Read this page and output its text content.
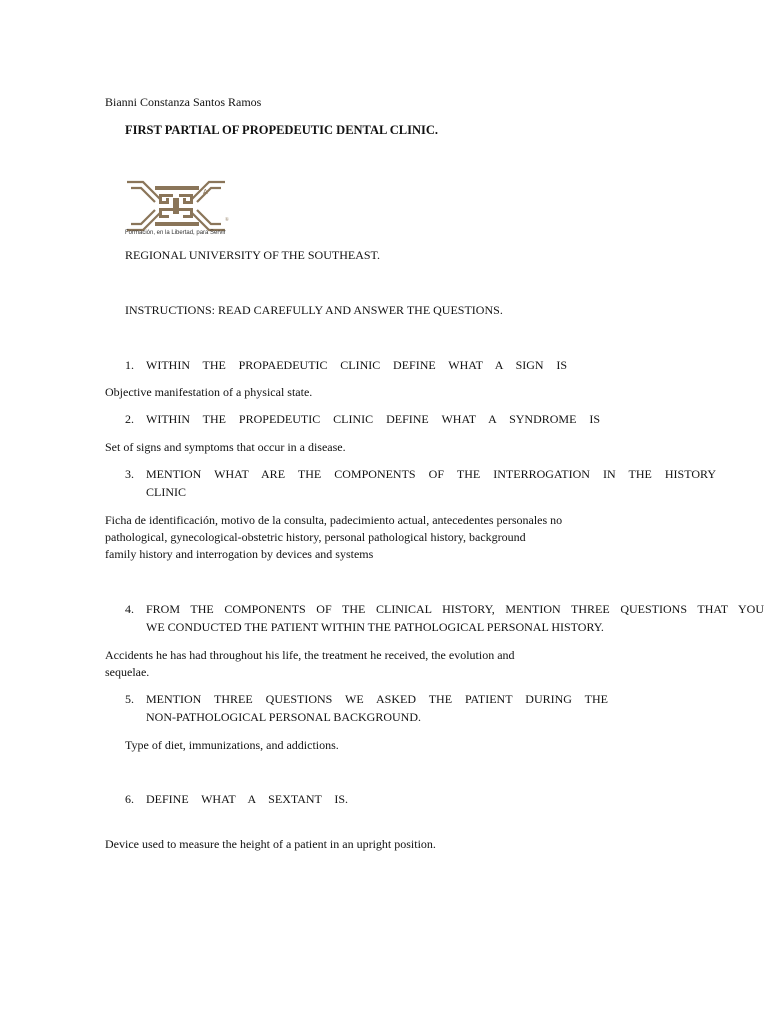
Bianni Constanza Santos Ramos
FIRST PARTIAL OF PROPEDEUTIC DENTAL CLINIC.
A
®
Formación, en la Libertad, para Servir
REGIONAL UNIVERSITY OF THE SOUTHEAST.
INSTRUCTIONS: READ CAREFULLY AND ANSWER THE QUESTIONS.
1. WITHIN THE PROPAEDEUTIC CLINIC DEFINE WHAT A SIGN IS
Objective manifestation of a physical state.
2. WITHIN THE PROPEDEUTIC CLINIC DEFINE WHAT A SYNDROME IS
Set of signs and symptoms that occur in a disease.
3. MENTION WHAT ARE THE COMPONENTS OF THE INTERROGATION IN THE HISTORY
CLINIC
Ficha de identificación, motivo de la consulta, padecimiento actual, antecedentes personales no
pathological, gynecological-obstetric history, personal pathological history, background
family history and interrogation by devices and systems
4. FROM THE COMPONENTS OF THE CLINICAL HISTORY, MENTION THREE QUESTIONS THAT YOU
WE CONDUCTED THE PATIENT WITHIN THE PATHOLOGICAL PERSONAL HISTORY.
Accidents he has had throughout his life, the treatment he received, the evolution and
sequelae.
5. MENTION THREE QUESTIONS WE ASKED THE PATIENT DURING THE
NON-PATHOLOGICAL PERSONAL BACKGROUND.
Type of diet, immunizations, and addictions.
6. DEFINE WHAT A SEXTANT IS.
Device used to measure the height of a patient in an upright position.
